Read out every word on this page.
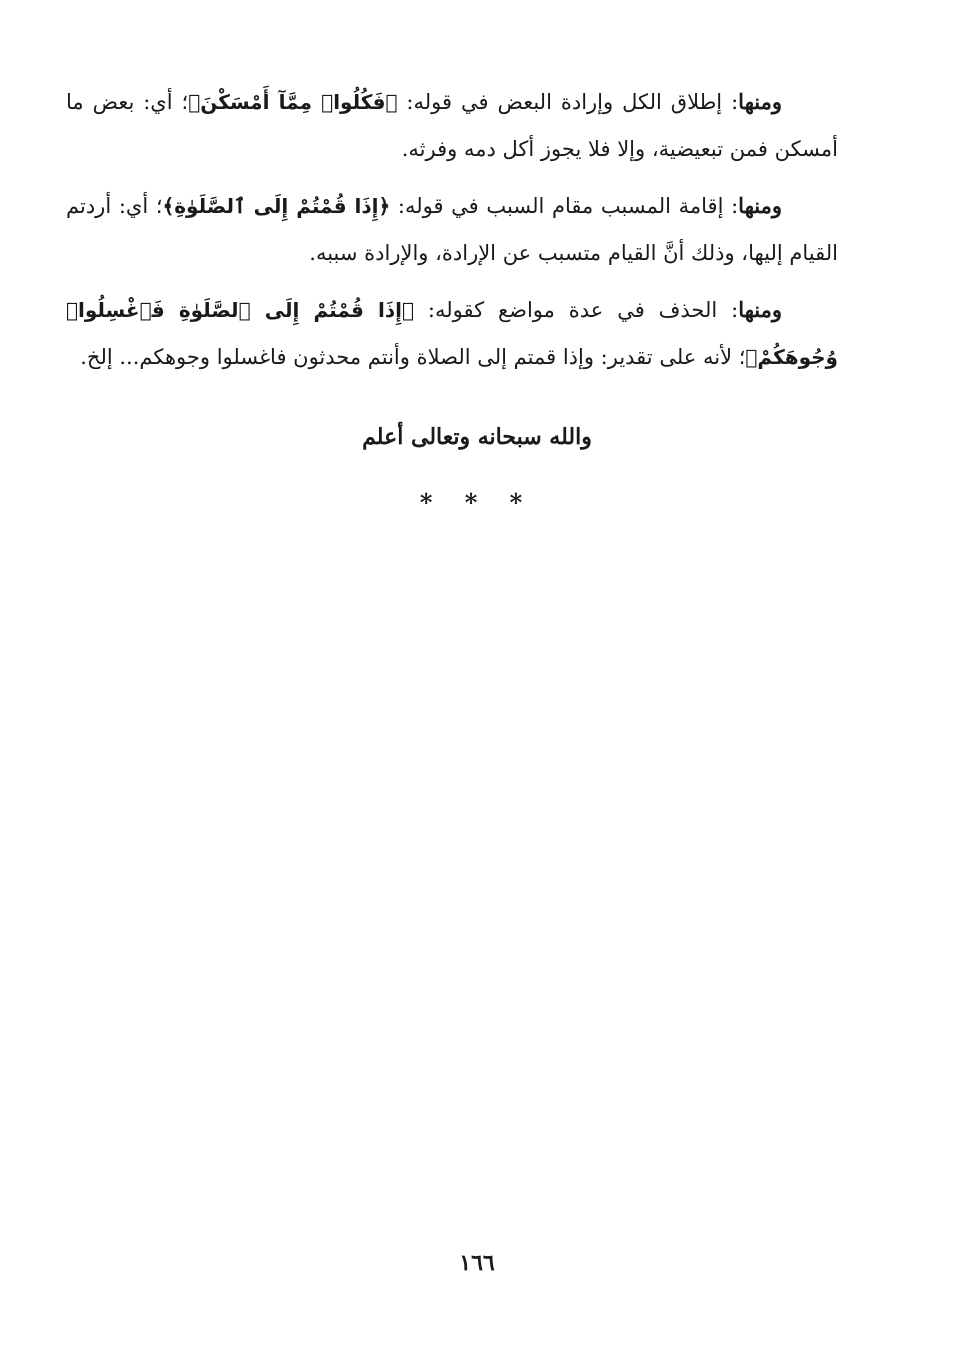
ومنها: إطلاق الكل وإرادة البعض في قوله: ﴿فَكُلُوا۟ مِمَّآ أَمْسَكْنَ﴾؛ أي: بعض ما أمسكن فمن تبعيضية، وإلا فلا يجوز أكل دمه وفرثه.

ومنها: إقامة المسبب مقام السبب في قوله: ﴿إِذَا قُمْتُمْ إِلَى ٱلصَّلَوٰةِ﴾؛ أي: أردتم القيام إليها، وذلك أنَّ القيام متسبب عن الإرادة، والإرادة سببه.

ومنها: الحذف في عدة مواضع كقوله: ﴿إِذَا قُمْتُمْ إِلَى ٱلصَّلَوٰةِ فَٱغْسِلُوا۟ وُجُوهَكُمْ﴾؛ لأنه على تقدير: وإذا قمتم إلى الصلاة وأنتم محدثون فاغسلوا وجوهكم... إلخ.

والله سبحانه وتعالى أعلم
* * *
١٦٦
